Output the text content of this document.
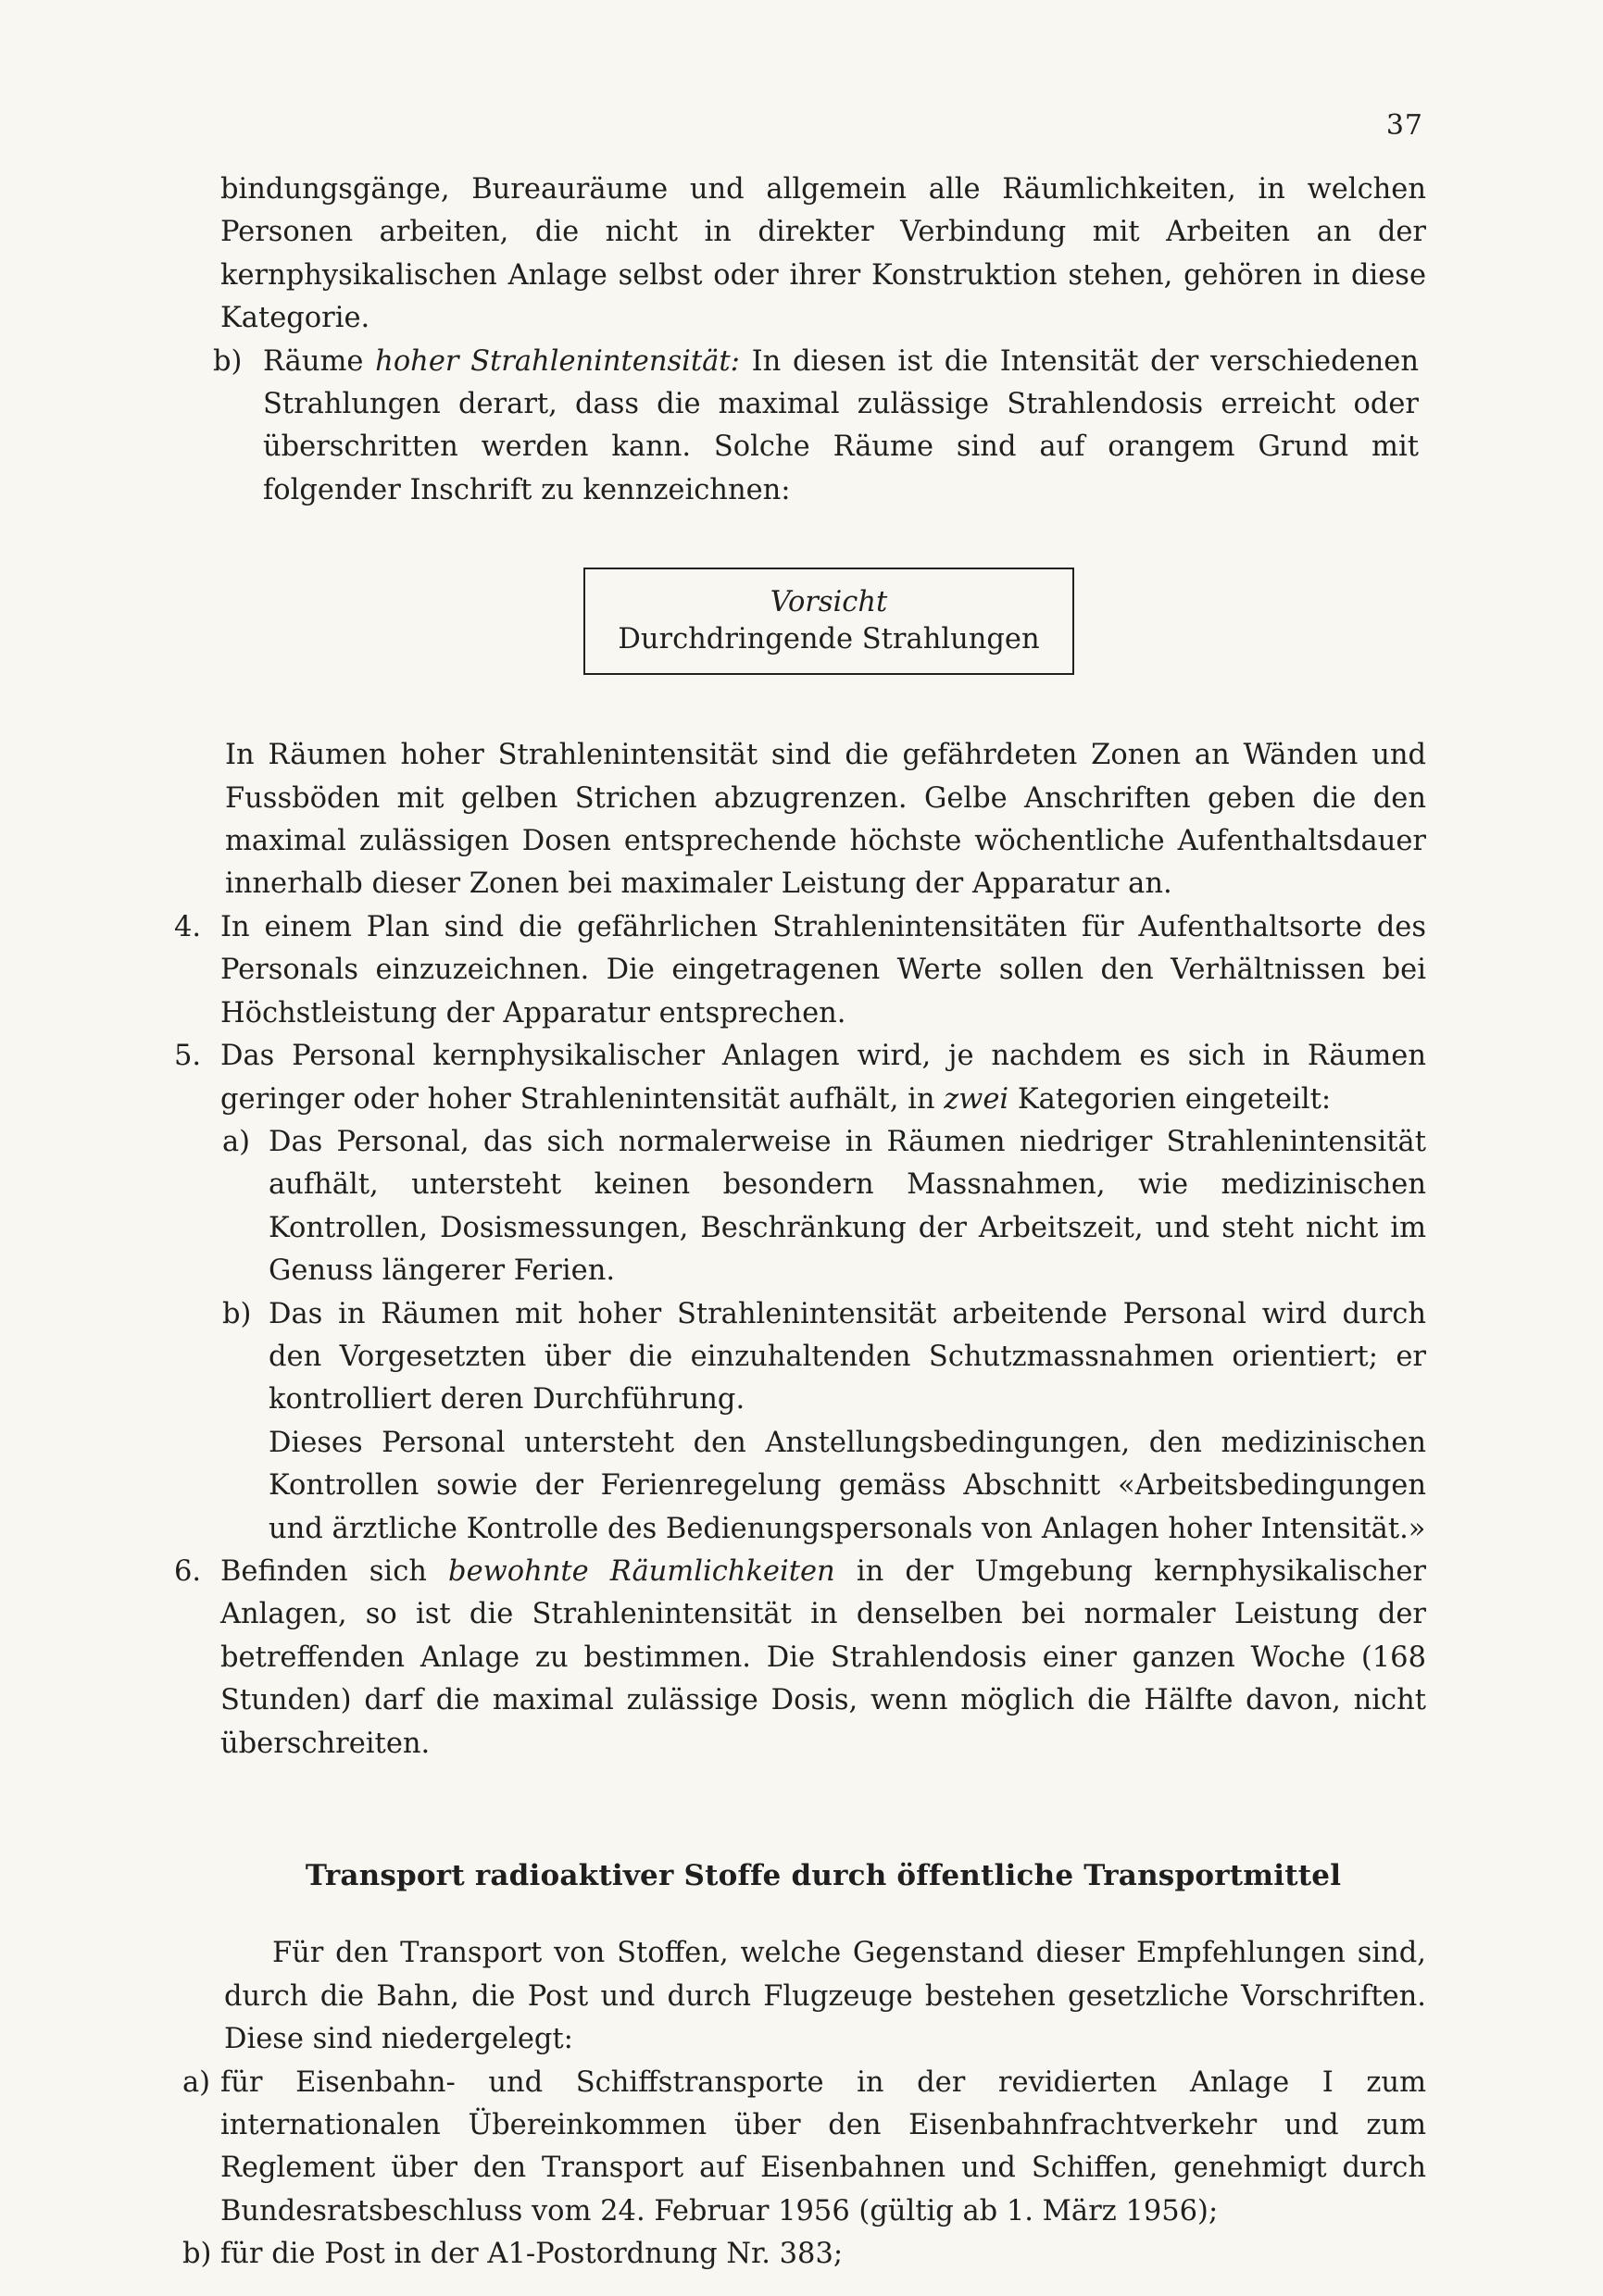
37

bindungsgänge, Bureauräume und allgemein alle Räumlichkeiten, in welchen Personen arbeiten, die nicht in direkter Verbindung mit Arbeiten an der kernphysikalischen Anlage selbst oder ihrer Konstruktion stehen, gehören in diese Kategorie.

b) Räume hoher Strahlenintensität: In diesen ist die Intensität der verschiedenen Strahlungen derart, dass die maximal zulässige Strahlendosis erreicht oder überschritten werden kann. Solche Räume sind auf orangem Grund mit folgender Inschrift zu kennzeichnen:

Vorsicht
Durchdringende Strahlungen

In Räumen hoher Strahlenintensität sind die gefährdeten Zonen an Wänden und Fussböden mit gelben Strichen abzugrenzen. Gelbe Anschriften geben die den maximal zulässigen Dosen entsprechende höchste wöchentliche Aufenthaltsdauer innerhalb dieser Zonen bei maximaler Leistung der Apparatur an.

4. In einem Plan sind die gefährlichen Strahlenintensitäten für Aufenthaltsorte des Personals einzuzeichnen. Die eingetragenen Werte sollen den Verhältnissen bei Höchstleistung der Apparatur entsprechen.

5. Das Personal kernphysikalischer Anlagen wird, je nachdem es sich in Räumen geringer oder hoher Strahlenintensität aufhält, in zwei Kategorien eingeteilt:

a) Das Personal, das sich normalerweise in Räumen niedriger Strahlenintensität aufhält, untersteht keinen besondern Massnahmen, wie medizinischen Kontrollen, Dosismessungen, Beschränkung der Arbeitszeit, und steht nicht im Genuss längerer Ferien.

b) Das in Räumen mit hoher Strahlenintensität arbeitende Personal wird durch den Vorgesetzten über die einzuhaltenden Schutzmassnahmen orientiert; er kontrolliert deren Durchführung.

Dieses Personal untersteht den Anstellungsbedingungen, den medizinischen Kontrollen sowie der Ferienregelung gemäss Abschnitt «Arbeitsbedingungen und ärztliche Kontrolle des Bedienungspersonals von Anlagen hoher Intensität.»

6. Befinden sich bewohnte Räumlichkeiten in der Umgebung kernphysikalischer Anlagen, so ist die Strahlenintensität in denselben bei normaler Leistung der betreffenden Anlage zu bestimmen. Die Strahlendosis einer ganzen Woche (168 Stunden) darf die maximal zulässige Dosis, wenn möglich die Hälfte davon, nicht überschreiten.

Transport radioaktiver Stoffe durch öffentliche Transportmittel

Für den Transport von Stoffen, welche Gegenstand dieser Empfehlungen sind, durch die Bahn, die Post und durch Flugzeuge bestehen gesetzliche Vorschriften. Diese sind niedergelegt:

a) für Eisenbahn- und Schiffstransporte in der revidierten Anlage I zum internationalen Übereinkommen über den Eisenbahnfrachtverkehr und zum Reglement über den Transport auf Eisenbahnen und Schiffen, genehmigt durch Bundesratsbeschluss vom 24. Februar 1956 (gültig ab 1. März 1956);

b) für die Post in der A1-Postordnung Nr. 383;
